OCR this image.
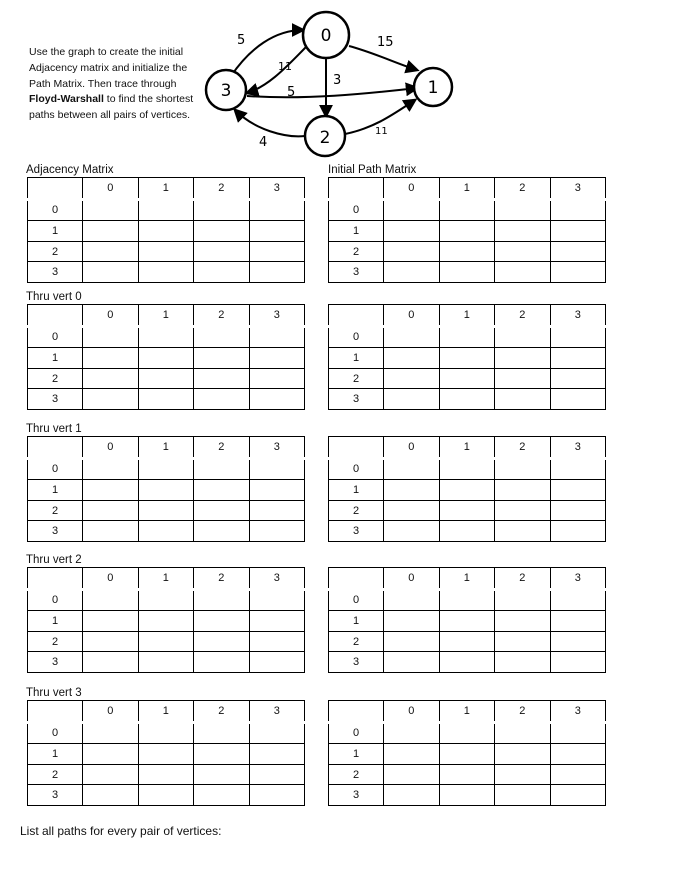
Use the graph to create the initial Adjacency matrix and initialize the Path Matrix. Then trace through Floyd-Warshall to find the shortest paths between all pairs of vertices.
0
3	1
2
5
11
15
3
5
4
11
Adjacency Matrix	Initial Path Matrix
	0	1	2	3
0				
1				
2				
3				
	0	1	2	3
0				
1				
2				
3				
Thru vert 0
	0	1	2	3
0				
1				
2				
3				
	0	1	2	3
0				
1				
2				
3				
Thru vert 1
	0	1	2	3
0				
1				
2				
3				
	0	1	2	3
0				
1				
2				
3				
Thru vert 2
	0	1	2	3
0				
1				
2				
3				
	0	1	2	3
0				
1				
2				
3				
Thru vert 3
	0	1	2	3
0				
1				
2				
3				
	0	1	2	3
0				
1				
2				
3				
List all paths for every pair of vertices:
